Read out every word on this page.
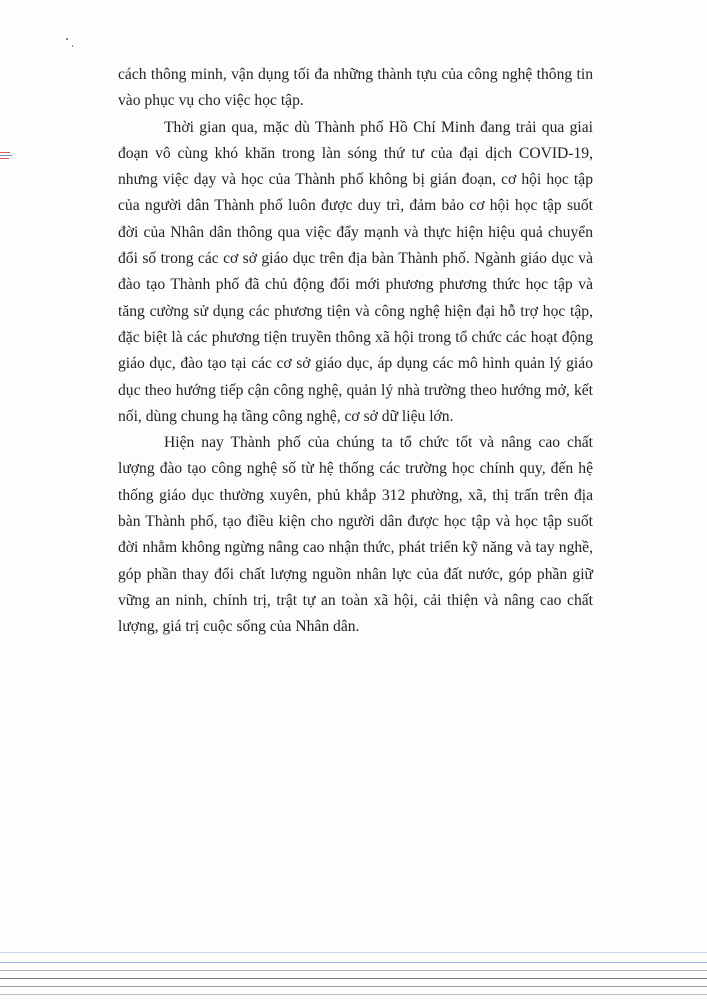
cách thông minh, vận dụng tối đa những thành tựu của công nghệ thông tin vào phục vụ cho việc học tập.

Thời gian qua, mặc dù Thành phố Hồ Chí Minh đang trải qua giai đoạn vô cùng khó khăn trong làn sóng thứ tư của đại dịch COVID-19, nhưng việc dạy và học của Thành phố không bị gián đoạn, cơ hội học tập của người dân Thành phố luôn được duy trì, đảm bảo cơ hội học tập suốt đời của Nhân dân thông qua việc đẩy mạnh và thực hiện hiệu quả chuyển đổi số trong các cơ sở giáo dục trên địa bàn Thành phố. Ngành giáo dục và đào tạo Thành phố đã chủ động đổi mới phương phương thức học tập và tăng cường sử dụng các phương tiện và công nghệ hiện đại hỗ trợ học tập, đặc biệt là các phương tiện truyền thông xã hội trong tổ chức các hoạt động giáo dục, đào tạo tại các cơ sở giáo dục, áp dụng các mô hình quản lý giáo dục theo hướng tiếp cận công nghệ, quản lý nhà trường theo hướng mở, kết nối, dùng chung hạ tầng công nghệ, cơ sở dữ liệu lớn.

Hiện nay Thành phố của chúng ta tổ chức tốt và nâng cao chất lượng đào tạo công nghệ số từ hệ thống các trường học chính quy, đến hệ thống giáo dục thường xuyên, phủ khắp 312 phường, xã, thị trấn trên địa bàn Thành phố, tạo điều kiện cho người dân được học tập và học tập suốt đời nhằm không ngừng nâng cao nhận thức, phát triển kỹ năng và tay nghề, góp phần thay đổi chất lượng nguồn nhân lực của đất nước, góp phần giữ vững an ninh, chính trị, trật tự an toàn xã hội, cải thiện và nâng cao chất lượng, giá trị cuộc sống của Nhân dân.
